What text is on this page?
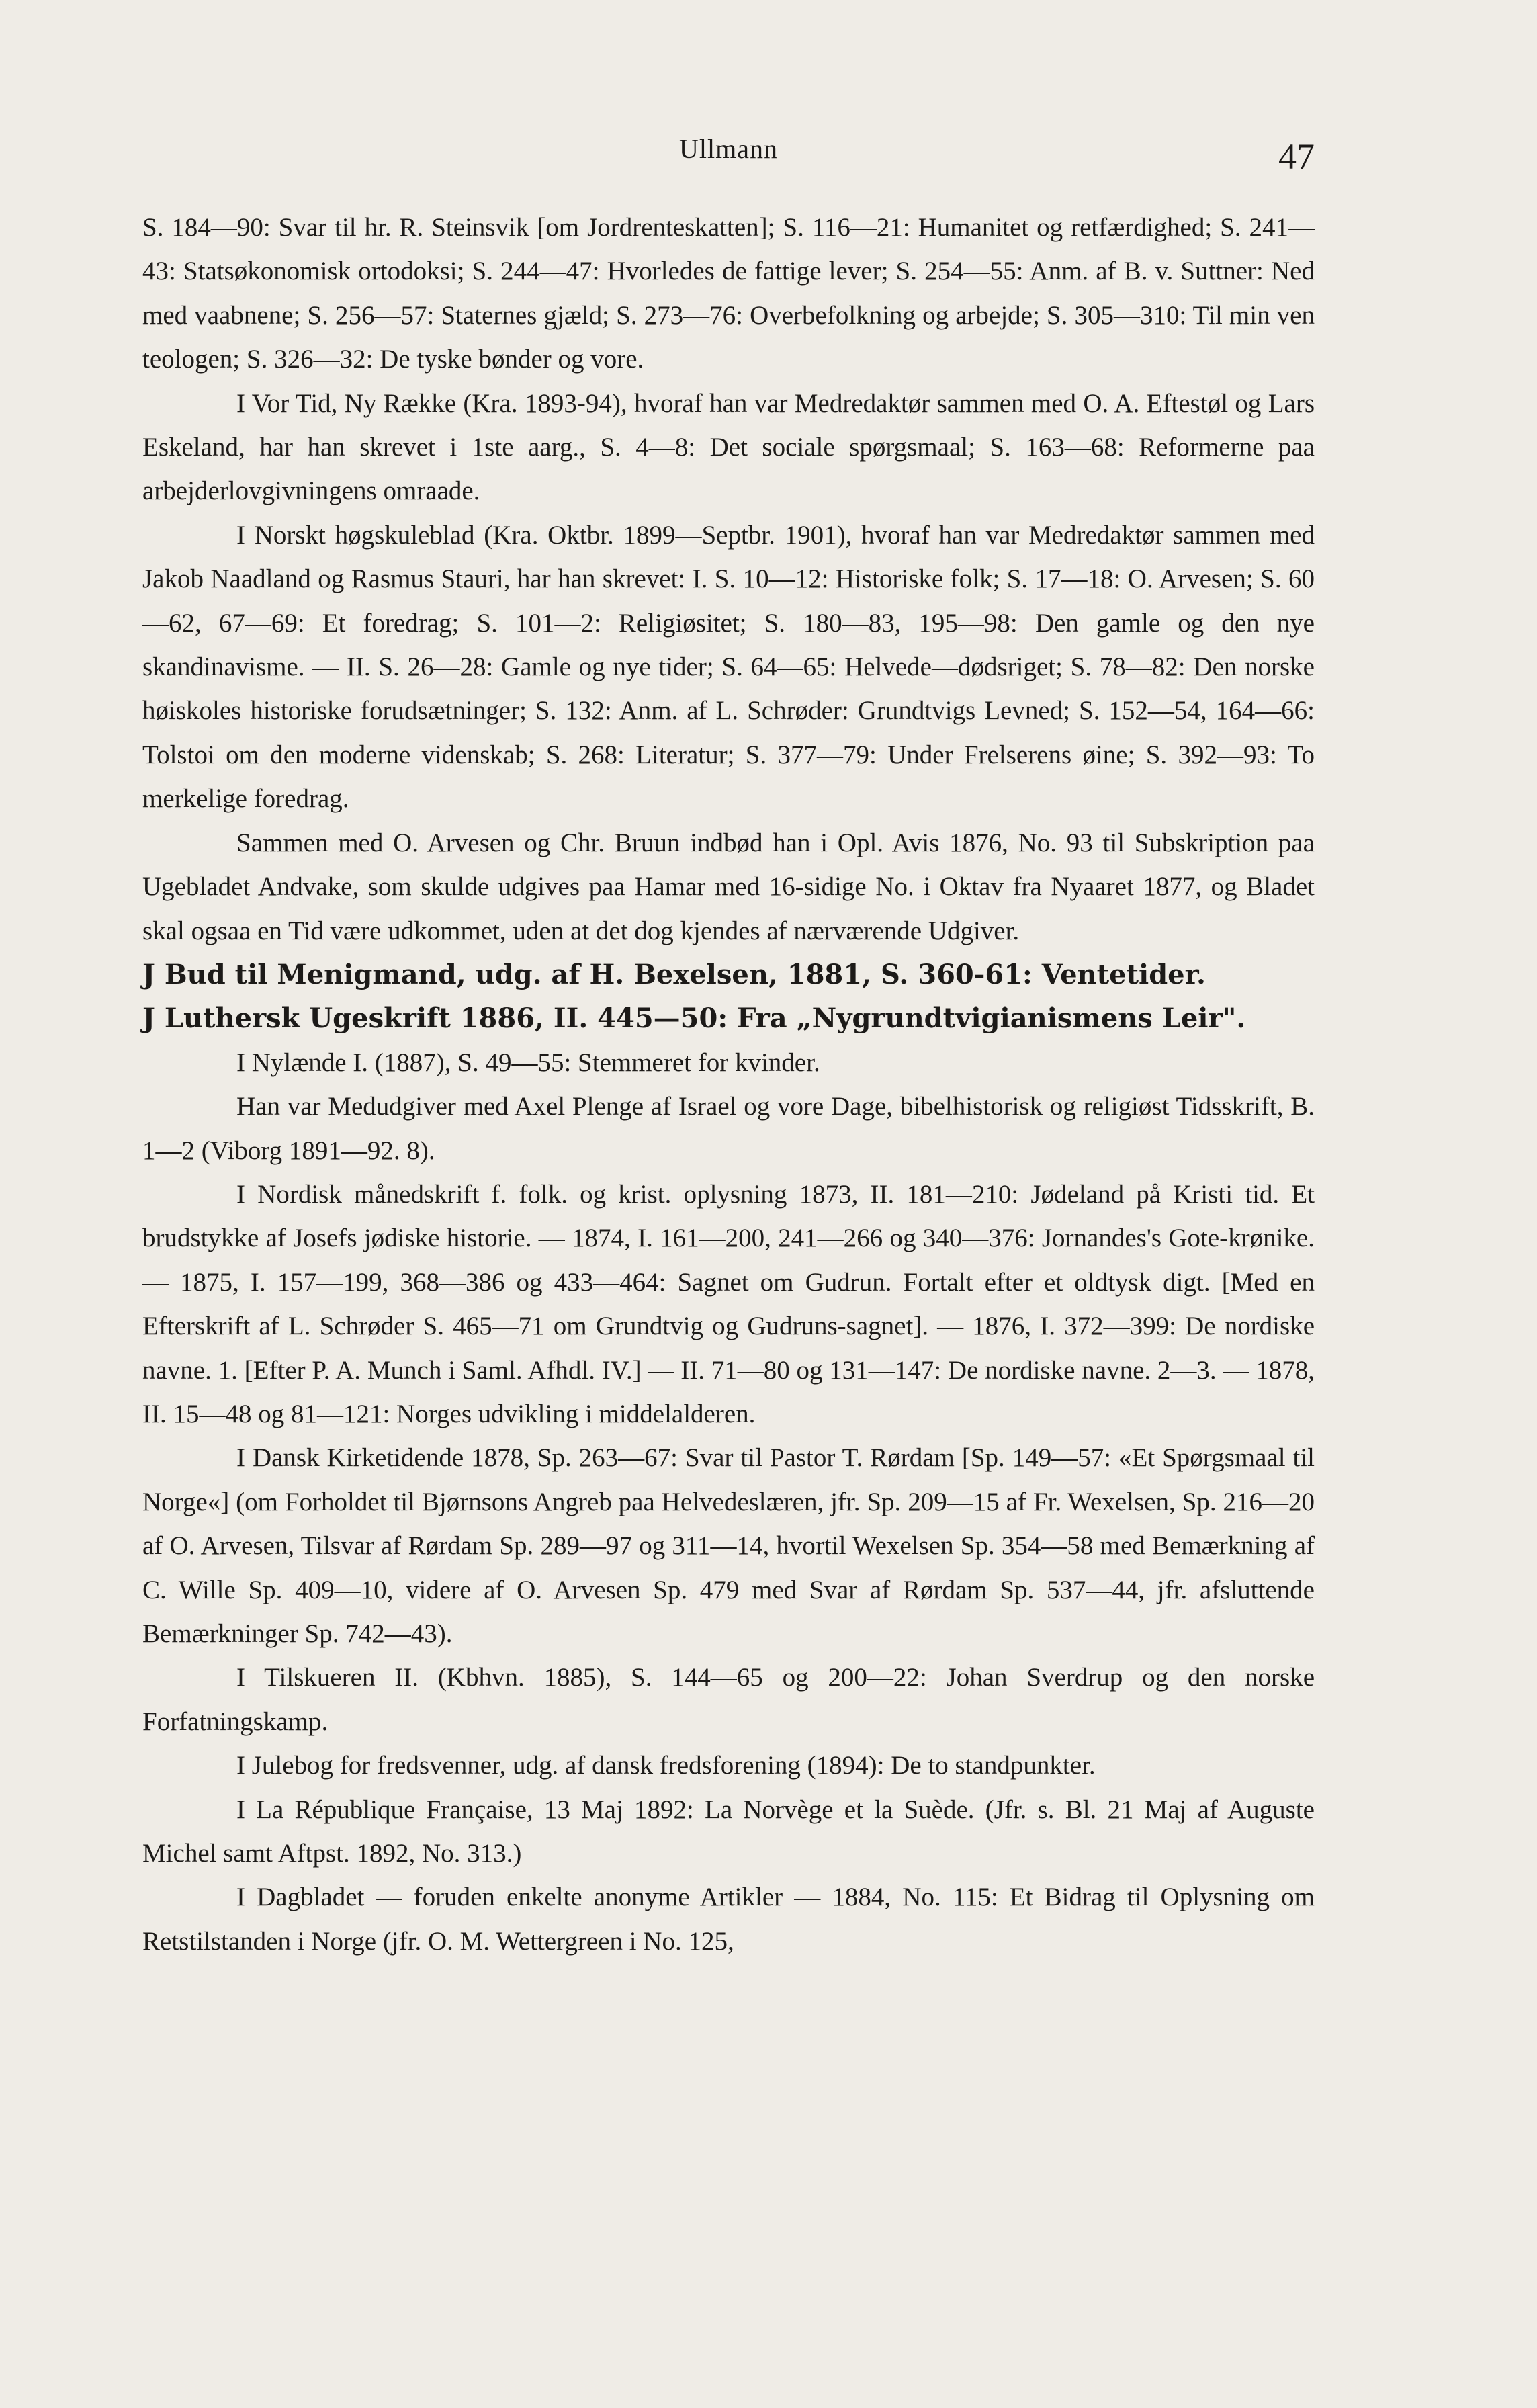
Ullmann	47

S. 184—90: Svar til hr. R. Steinsvik [om Jordrenteskatten]; S. 116—21: Humanitet og retfærdighed; S. 241—43: Statsøkonomisk ortodoksi; S. 244—47: Hvorledes de fattige lever; S. 254—55: Anm. af B. v. Suttner: Ned med vaabnene; S. 256—57: Staternes gjæld; S. 273—76: Overbefolkning og arbejde; S. 305—310: Til min ven teologen; S. 326—32: De tyske bønder og vore.

I Vor Tid, Ny Række (Kra. 1893-94), hvoraf han var Medredaktør sammen med O. A. Eftestøl og Lars Eskeland, har han skrevet i 1ste aarg., S. 4—8: Det sociale spørgsmaal; S. 163—68: Reformerne paa arbejderlovgivningens omraade.

I Norskt høgskuleblad (Kra. Oktbr. 1899—Septbr. 1901), hvoraf han var Medredaktør sammen med Jakob Naadland og Rasmus Stauri, har han skrevet: I. S. 10—12: Historiske folk; S. 17—18: O. Arvesen; S. 60—62, 67—69: Et foredrag; S. 101—2: Religiøsitet; S. 180—83, 195—98: Den gamle og den nye skandinavisme. — II. S. 26—28: Gamle og nye tider; S. 64—65: Helvede—dødsriget; S. 78—82: Den norske høiskoles historiske forudsætninger; S. 132: Anm. af L. Schrøder: Grundtvigs Levned; S. 152—54, 164—66: Tolstoi om den moderne videnskab; S. 268: Literatur; S. 377—79: Under Frelserens øine; S. 392—93: To merkelige foredrag.

Sammen med O. Arvesen og Chr. Bruun indbød han i Opl. Avis 1876, No. 93 til Subskription paa Ugebladet Andvake, som skulde udgives paa Hamar med 16-sidige No. i Oktav fra Nyaaret 1877, og Bladet skal ogsaa en Tid være udkommet, uden at det dog kjendes af nærværende Udgiver.

J Bud til Menigmand, udg. af H. Bexelsen, 1881, S. 360-61: Ventetider.

J Luthersk Ugeskrift 1886, II. 445—50: Fra „Nygrundtvigianismens Leir".

I Nylænde I. (1887), S. 49—55: Stemmeret for kvinder.

Han var Medudgiver med Axel Plenge af Israel og vore Dage, bibelhistorisk og religiøst Tidsskrift, B. 1—2 (Viborg 1891—92. 8).

I Nordisk månedskrift f. folk. og krist. oplysning 1873, II. 181—210: Jødeland på Kristi tid. Et brudstykke af Josefs jødiske historie. — 1874, I. 161—200, 241—266 og 340—376: Jornandes's Gote-krønike. — 1875, I. 157—199, 368—386 og 433—464: Sagnet om Gudrun. Fortalt efter et oldtysk digt. [Med en Efterskrift af L. Schrøder S. 465—71 om Grundtvig og Gudruns-sagnet]. — 1876, I. 372—399: De nordiske navne. 1. [Efter P. A. Munch i Saml. Afhdl. IV.] — II. 71—80 og 131—147: De nordiske navne. 2—3. — 1878, II. 15—48 og 81—121: Norges udvikling i middelalderen.

I Dansk Kirketidende 1878, Sp. 263—67: Svar til Pastor T. Rørdam [Sp. 149—57: «Et Spørgsmaal til Norge«] (om Forholdet til Bjørnsons Angreb paa Helvedeslæren, jfr. Sp. 209—15 af Fr. Wexelsen, Sp. 216—20 af O. Arvesen, Tilsvar af Rørdam Sp. 289—97 og 311—14, hvortil Wexelsen Sp. 354—58 med Bemærkning af C. Wille Sp. 409—10, videre af O. Arvesen Sp. 479 med Svar af Rørdam Sp. 537—44, jfr. afsluttende Bemærkninger Sp. 742—43).

I Tilskueren II. (Kbhvn. 1885), S. 144—65 og 200—22: Johan Sverdrup og den norske Forfatningskamp.

I Julebog for fredsvenner, udg. af dansk fredsforening (1894): De to standpunkter.

I La République Française, 13 Maj 1892: La Norvège et la Suède. (Jfr. s. Bl. 21 Maj af Auguste Michel samt Aftpst. 1892, No. 313.)

I Dagbladet — foruden enkelte anonyme Artikler — 1884, No. 115: Et Bidrag til Oplysning om Retstilstanden i Norge (jfr. O. M. Wettergreen i No. 125,
